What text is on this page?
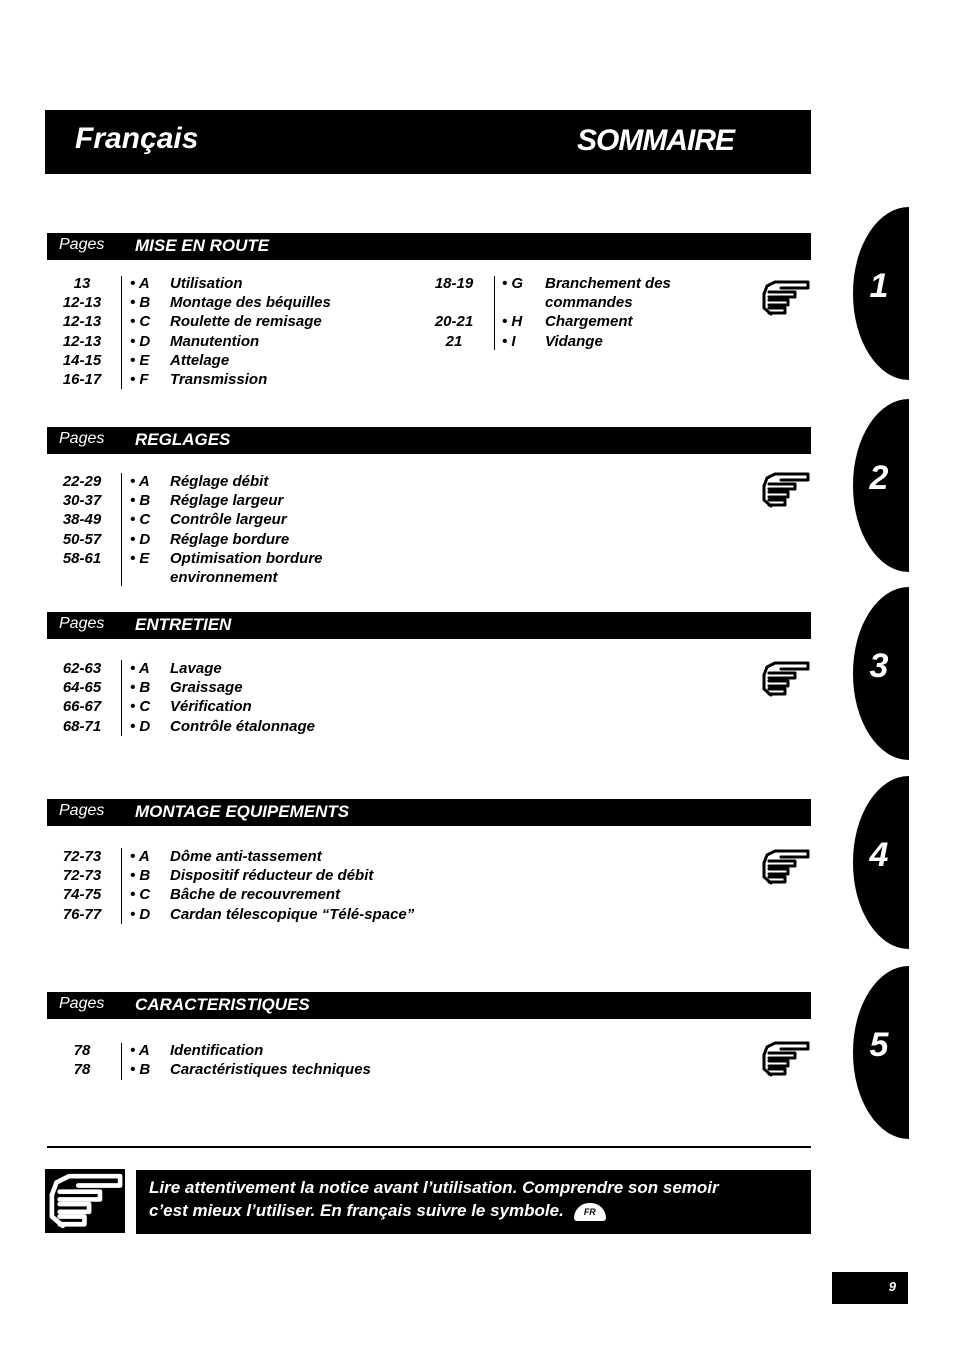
Français	SOMMAIRE
Pages MISE EN ROUTE
13	• A Utilisation
12-13	• B Montage des béquilles
12-13	• C Roulette de remisage
12-13	• D Manutention
14-15	• E Attelage
16-17	• F Transmission
18-19	• G Branchement des
commandes
20-21	• H Chargement
21	• I Vidange
Pages REGLAGES
22-29	• A Réglage débit
30-37	• B Réglage largeur
38-49	• C Contrôle largeur
50-57	• D Réglage bordure
58-61	• E Optimisation bordure
environnement
Pages ENTRETIEN
62-63	• A Lavage
64-65	• B Graissage
66-67	• C Vérification
68-71	• D Contrôle étalonnage
Pages MONTAGE EQUIPEMENTS
72-73	• A Dôme anti-tassement
72-73	• B Dispositif réducteur de débit
74-75	• C Bâche de recouvrement
76-77	• D Cardan télescopique “Télé-space”
Pages CARACTERISTIQUES
78	• A Identification
78	• B Caractéristiques techniques
1
2
3
4
5
Lire attentivement la notice avant l’utilisation. Comprendre son semoir
c’est mieux l’utiliser. En français suivre le symbole. FR
9
